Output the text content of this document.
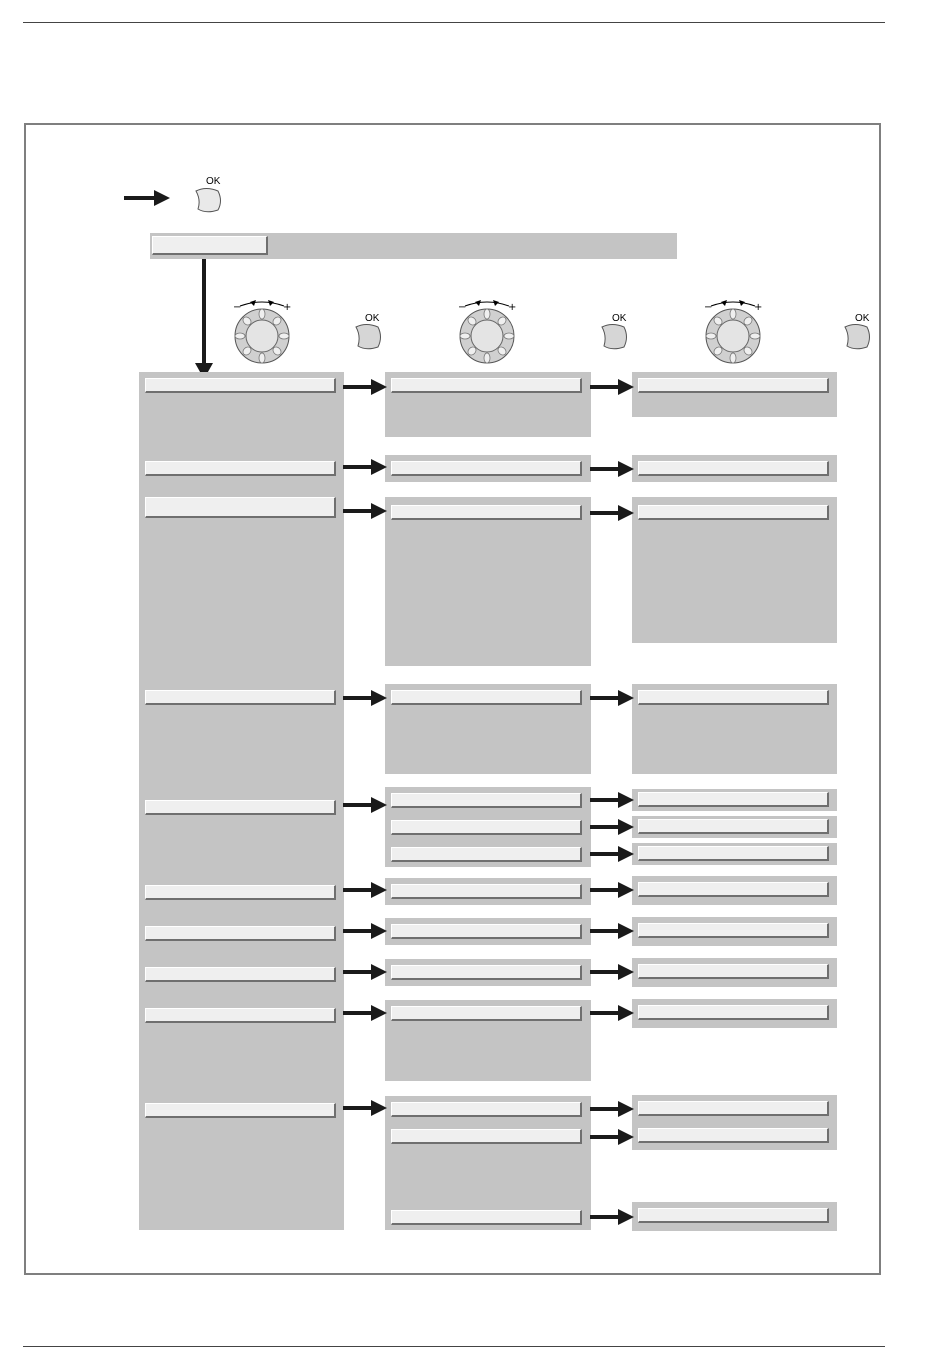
OK
−	+
OK
−	+
OK
−	+
OK
